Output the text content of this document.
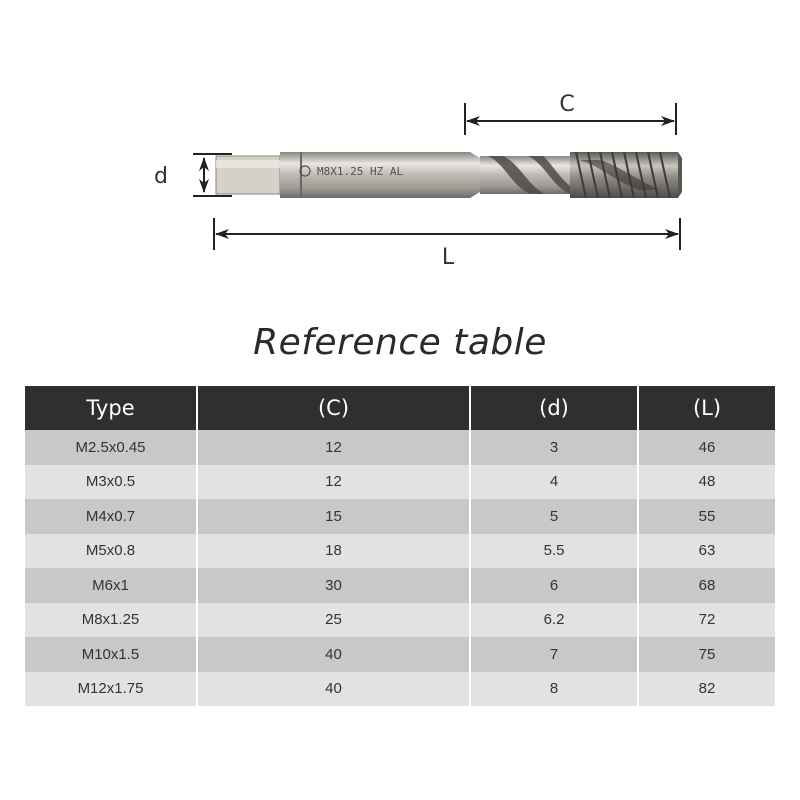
C
d	M8X1.25 HZ AL
L
Reference table
Type	(C)	(d)	(L)
M2.5x0.45	12	3	46
M3x0.5	12	4	48
M4x0.7	15	5	55
M5x0.8	18	5.5	63
M6x1	30	6	68
M8x1.25	25	6.2	72
M10x1.5	40	7	75
M12x1.75	40	8	82
